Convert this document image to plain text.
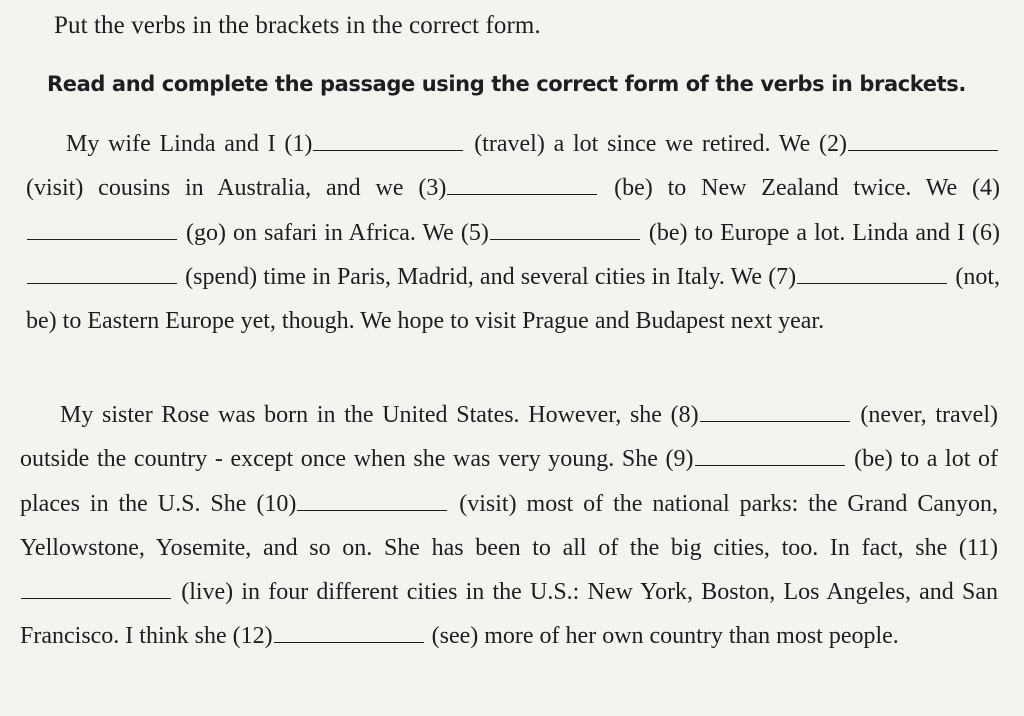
Put the verbs in the brackets in the correct form.
Read and complete the passage using the correct form of the verbs in brackets.

My wife Linda and I (1)	(travel) a lot since we retired. We (2) (visit) cousins in Australia, and we (3)	(be) to New Zealand twice. We (4) (go) on safari in Africa. We (5)	(be) to Europe a lot. Linda and I (6) (spend) time in Paris, Madrid, and several cities in Italy. We (7)	(not, be) to Eastern Europe yet, though. We hope to visit Prague and Budapest next year.

My sister Rose was born in the United States. However, she (8)	(never, travel) outside the country - except once when she was very young. She (9)	(be) to a lot of places in the U.S. She (10)	(visit) most of the national parks: the Grand Canyon, Yellowstone, Yosemite, and so on. She has been to all of the big cities, too. In fact, she (11) (live) in four different cities in the U.S.: New York, Boston, Los Angeles, and San Francisco. I think she (12)	(see) more of her own country than most people.
